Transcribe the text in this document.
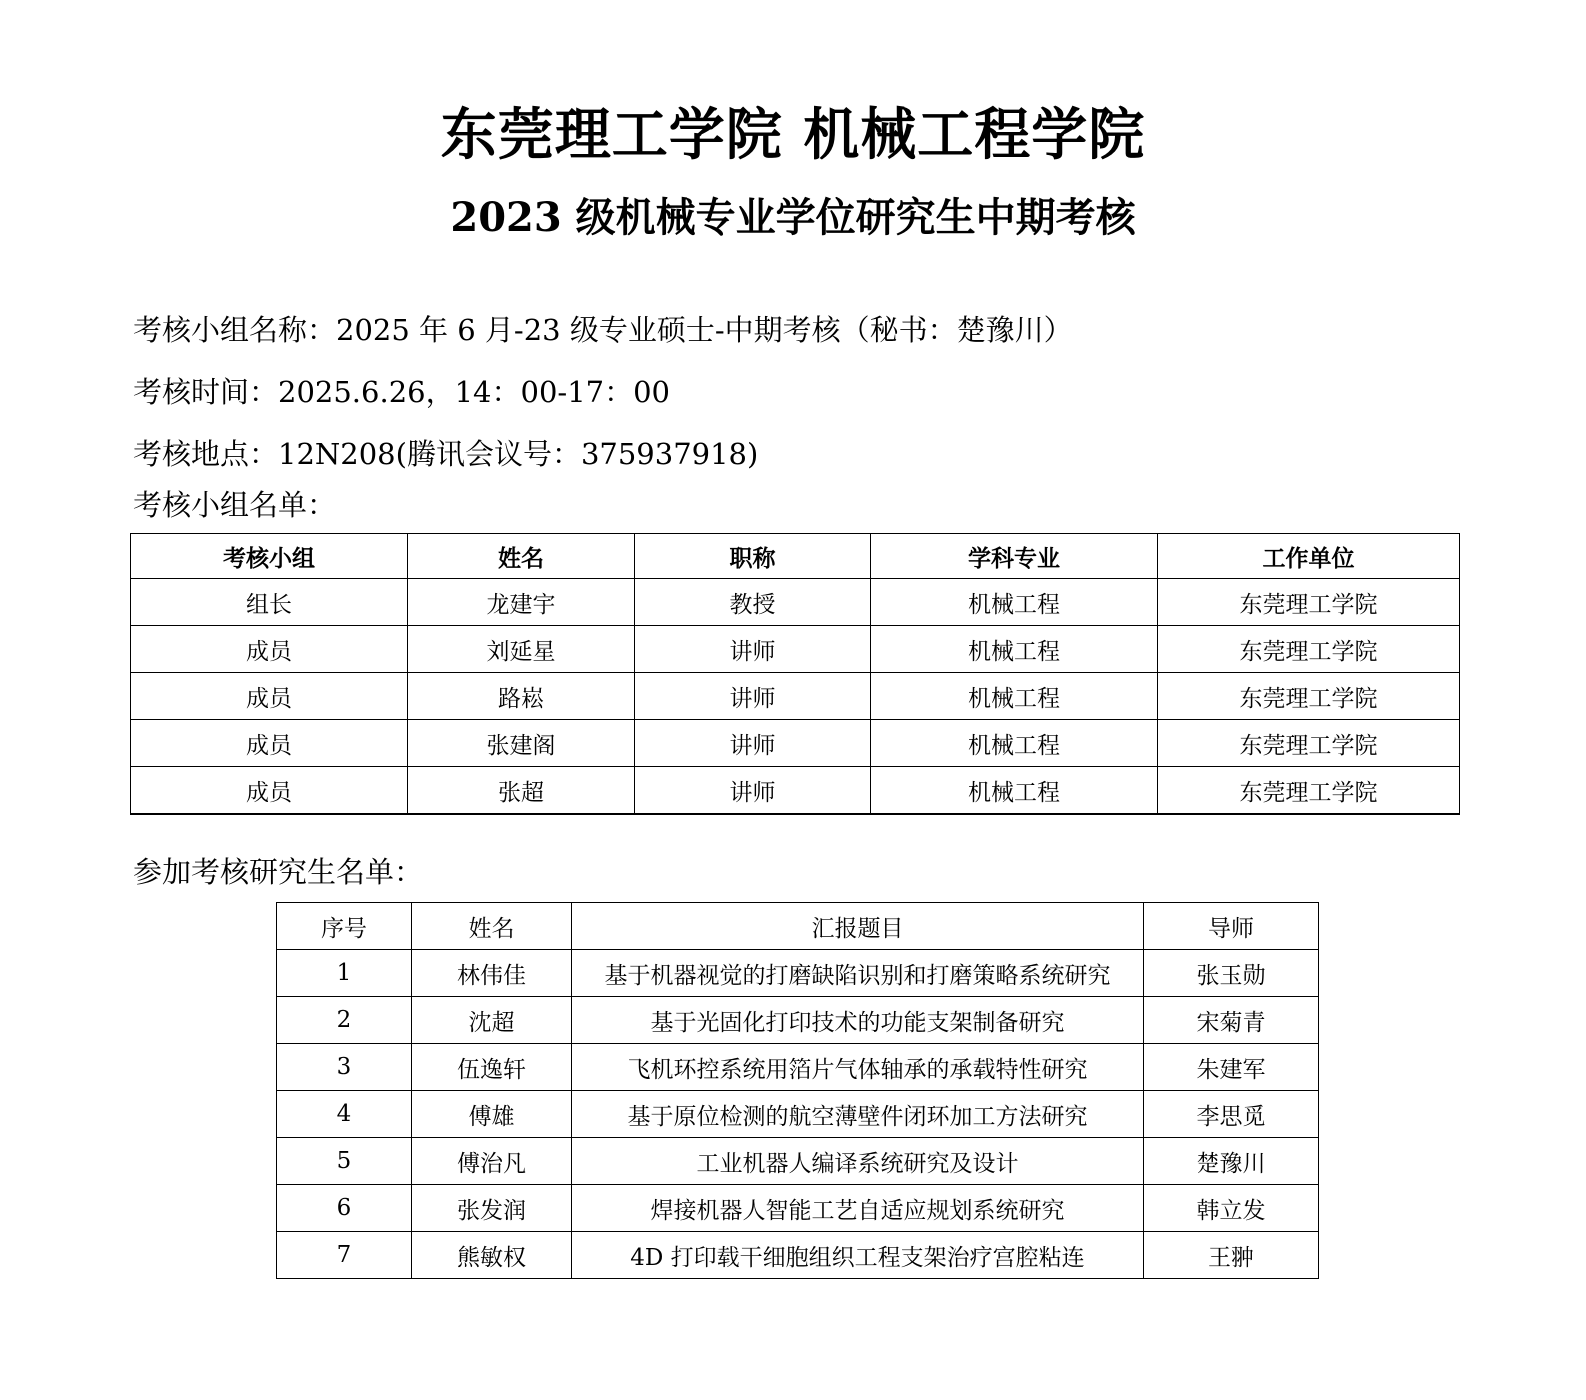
东莞理工学院 机械工程学院
2023 级机械专业学位研究生中期考核
考核小组名称：2025 年 6 月-23 级专业硕士-中期考核（秘书：楚豫川）
考核时间：2025.6.26，14：00-17：00
考核地点：12N208(腾讯会议号：375937918)
考核小组名单：
考核小组	姓名	职称	学科专业	工作单位
组长	龙建宇	教授	机械工程	东莞理工学院
成员	刘延星	讲师	机械工程	东莞理工学院
成员	路崧	讲师	机械工程	东莞理工学院
成员	张建阁	讲师	机械工程	东莞理工学院
成员	张超	讲师	机械工程	东莞理工学院
参加考核研究生名单：
序号	姓名	汇报题目	导师
1	林伟佳	基于机器视觉的打磨缺陷识别和打磨策略系统研究	张玉勋
2	沈超	基于光固化打印技术的功能支架制备研究	宋菊青
3	伍逸轩	飞机环控系统用箔片气体轴承的承载特性研究	朱建军
4	傅雄	基于原位检测的航空薄壁件闭环加工方法研究	李思觅
5	傅治凡	工业机器人编译系统研究及设计	楚豫川
6	张发润	焊接机器人智能工艺自适应规划系统研究	韩立发
7	熊敏权	4D 打印载干细胞组织工程支架治疗宫腔粘连	王翀
